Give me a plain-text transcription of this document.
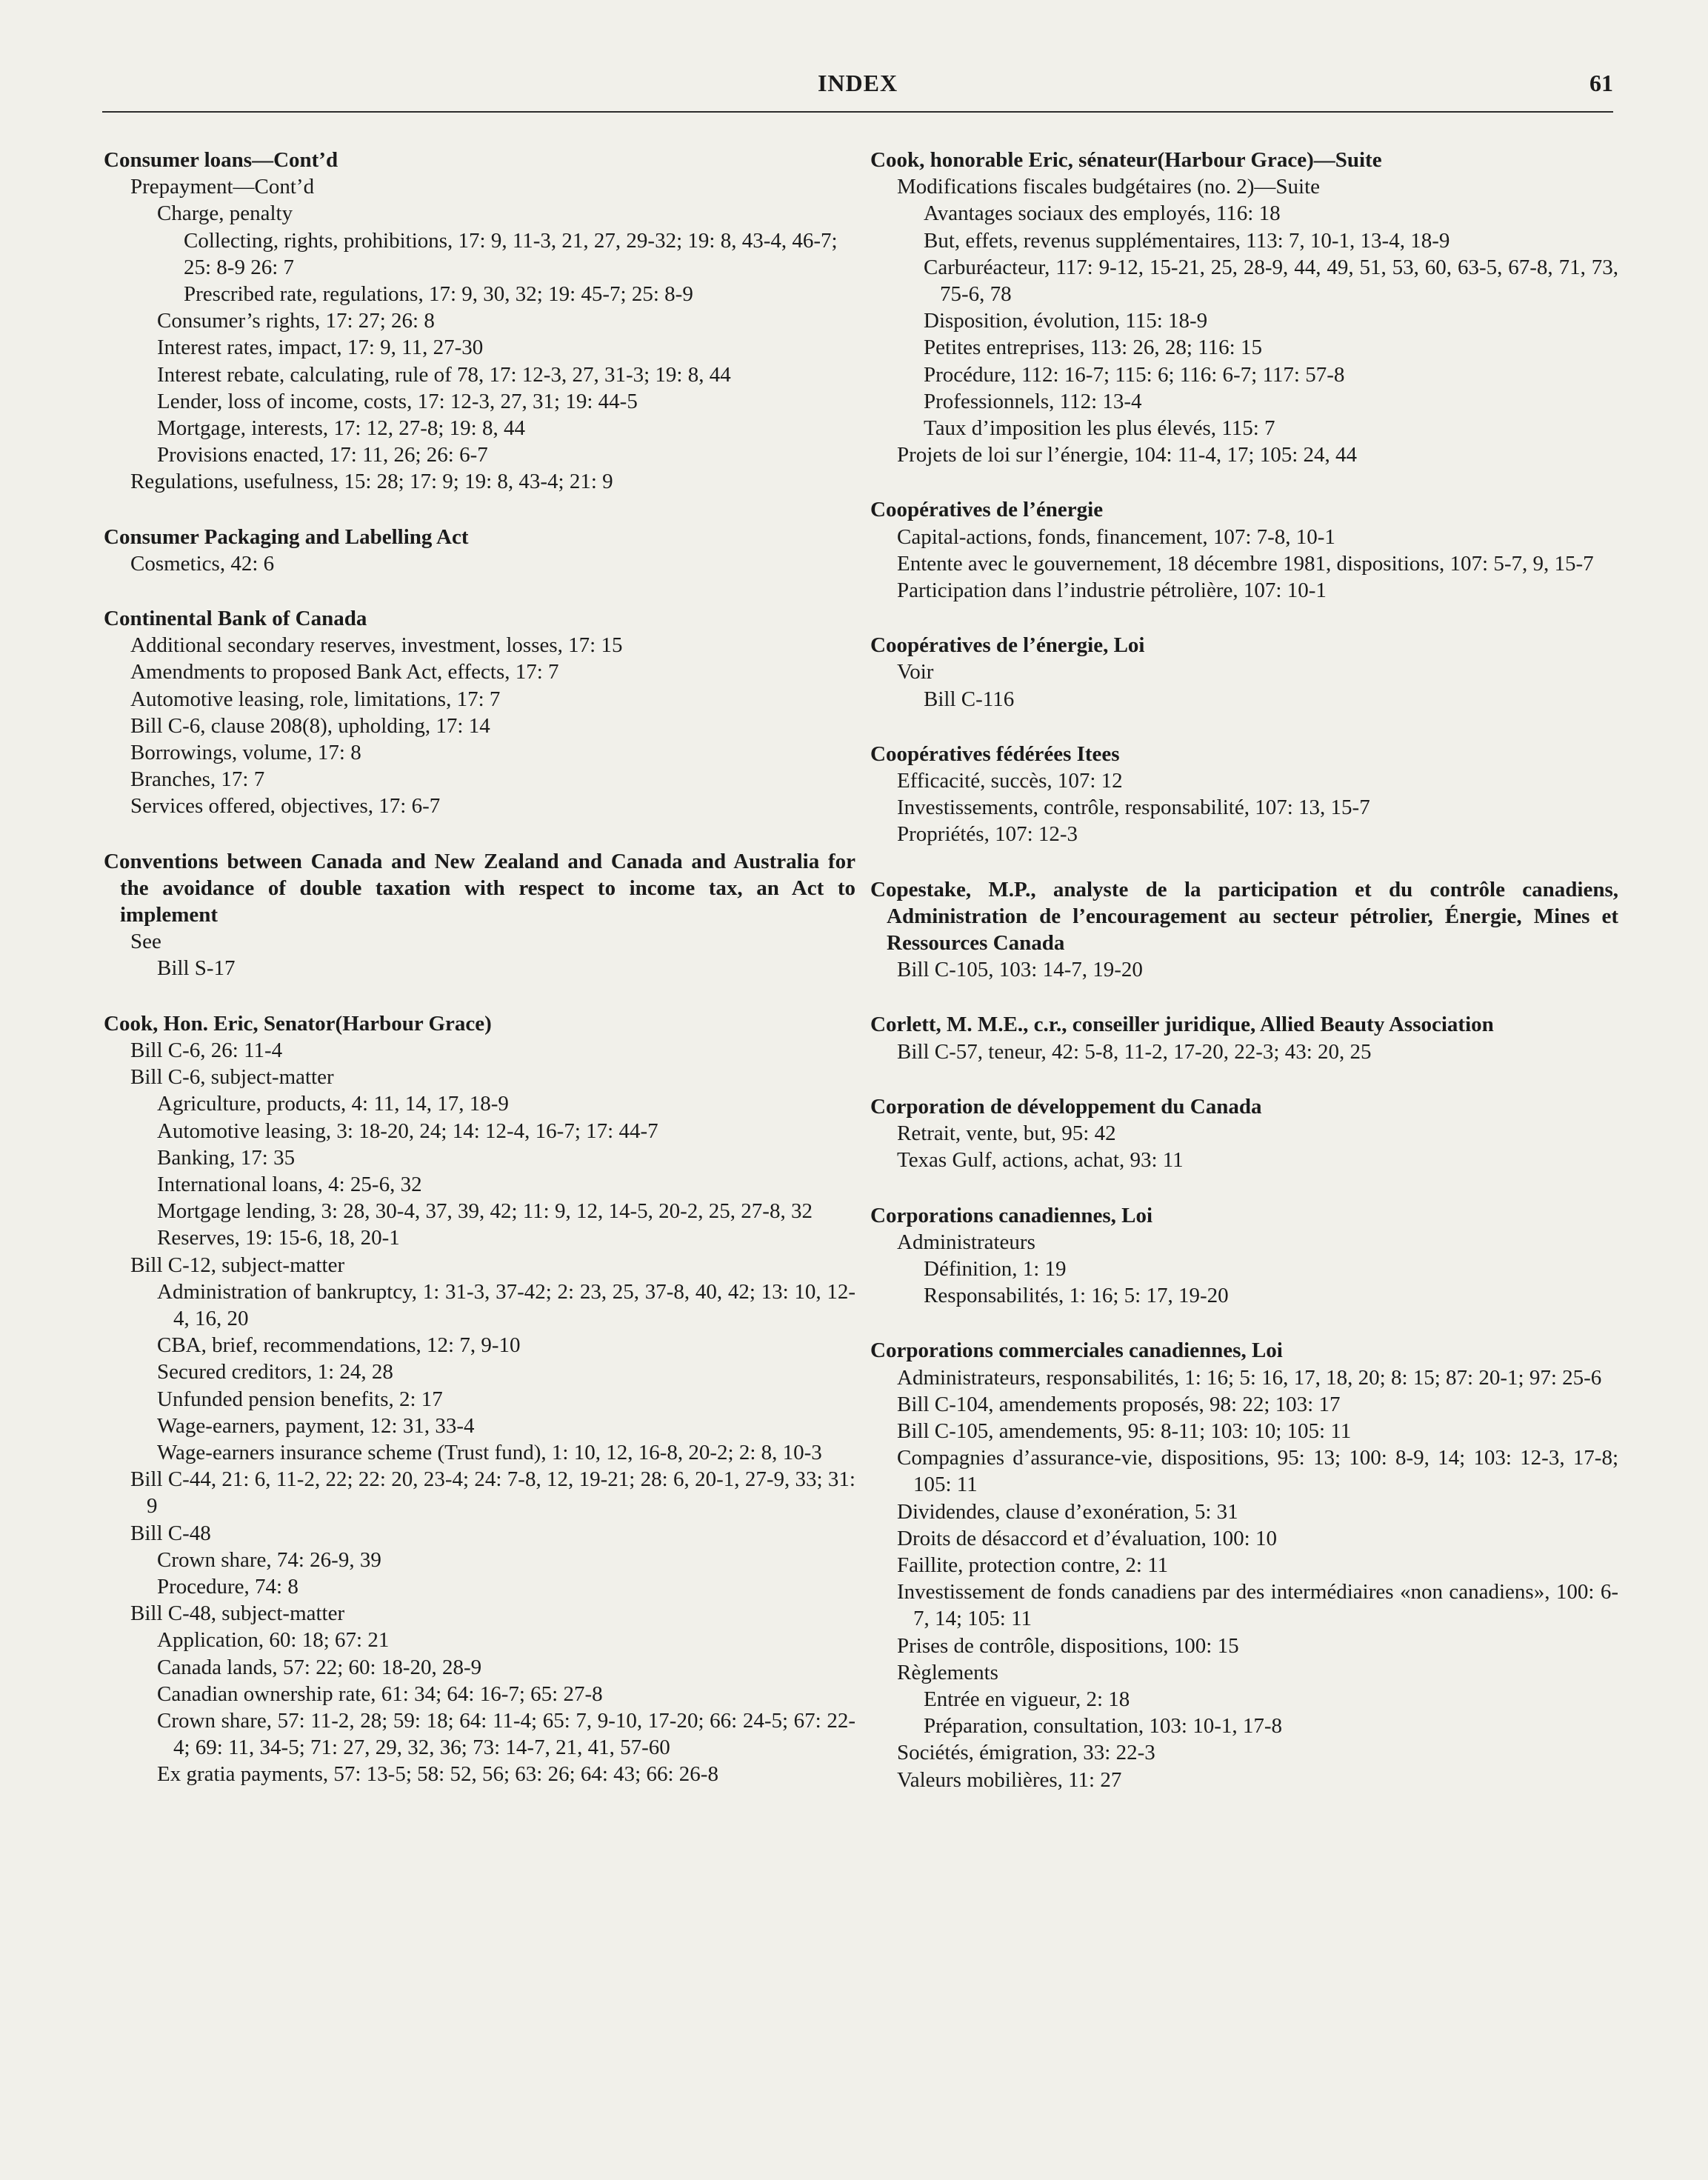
INDEX	61
Consumer loans—Cont’d
Prepayment—Cont’d
Charge, penalty
Collecting, rights, prohibitions, 17: 9, 11-3, 21, 27, 29-32; 19: 8, 43-4, 46-7;
25: 8-9 26: 7
Prescribed rate, regulations, 17: 9, 30, 32; 19: 45-7; 25: 8-9
Consumer’s rights, 17: 27; 26: 8
Interest rates, impact, 17: 9, 11, 27-30
Interest rebate, calculating, rule of 78, 17: 12-3, 27, 31-3; 19: 8, 44
Lender, loss of income, costs, 17: 12-3, 27, 31; 19: 44-5
Mortgage, interests, 17: 12, 27-8; 19: 8, 44
Provisions enacted, 17: 11, 26; 26: 6-7
Regulations, usefulness, 15: 28; 17: 9; 19: 8, 43-4; 21: 9
Consumer Packaging and Labelling Act
Cosmetics, 42: 6
Continental Bank of Canada
Additional secondary reserves, investment, losses, 17: 15
Amendments to proposed Bank Act, effects, 17: 7
Automotive leasing, role, limitations, 17: 7
Bill C-6, clause 208(8), upholding, 17: 14
Borrowings, volume, 17: 8
Branches, 17: 7
Services offered, objectives, 17: 6-7
Conventions between Canada and New Zealand and Canada and Australia for the avoidance of double taxation with respect to income tax, an Act to implement
See
Bill S-17
Cook, Hon. Eric, Senator(Harbour Grace)
Bill C-6, 26: 11-4
Bill C-6, subject-matter
Agriculture, products, 4: 11, 14, 17, 18-9
Automotive leasing, 3: 18-20, 24; 14: 12-4, 16-7; 17: 44-7
Banking, 17: 35
International loans, 4: 25-6, 32
Mortgage lending, 3: 28, 30-4, 37, 39, 42; 11: 9, 12, 14-5, 20-2, 25, 27-8, 32
Reserves, 19: 15-6, 18, 20-1
Bill C-12, subject-matter
Administration of bankruptcy, 1: 31-3, 37-42; 2: 23, 25, 37-8, 40, 42; 13: 10, 12-4, 16, 20
CBA, brief, recommendations, 12: 7, 9-10
Secured creditors, 1: 24, 28
Unfunded pension benefits, 2: 17
Wage-earners, payment, 12: 31, 33-4
Wage-earners insurance scheme (Trust fund), 1: 10, 12, 16-8, 20-2; 2: 8, 10-3
Bill C-44, 21: 6, 11-2, 22; 22: 20, 23-4; 24: 7-8, 12, 19-21; 28: 6, 20-1, 27-9, 33; 31: 9
Bill C-48
Crown share, 74: 26-9, 39
Procedure, 74: 8
Bill C-48, subject-matter
Application, 60: 18; 67: 21
Canada lands, 57: 22; 60: 18-20, 28-9
Canadian ownership rate, 61: 34; 64: 16-7; 65: 27-8
Crown share, 57: 11-2, 28; 59: 18; 64: 11-4; 65: 7, 9-10, 17-20; 66: 24-5; 67: 22-4; 69: 11, 34-5; 71: 27, 29, 32, 36; 73: 14-7, 21, 41, 57-60
Ex gratia payments, 57: 13-5; 58: 52, 56; 63: 26; 64: 43; 66: 26-8
Cook, honorable Eric, sénateur(Harbour Grace)—Suite
Modifications fiscales budgétaires (no. 2)—Suite
Avantages sociaux des employés, 116: 18
But, effets, revenus supplémentaires, 113: 7, 10-1, 13-4, 18-9
Carburéacteur, 117: 9-12, 15-21, 25, 28-9, 44, 49, 51, 53, 60, 63-5, 67-8, 71, 73, 75-6, 78
Disposition, évolution, 115: 18-9
Petites entreprises, 113: 26, 28; 116: 15
Procédure, 112: 16-7; 115: 6; 116: 6-7; 117: 57-8
Professionnels, 112: 13-4
Taux d’imposition les plus élevés, 115: 7
Projets de loi sur l’énergie, 104: 11-4, 17; 105: 24, 44
Coopératives de l’énergie
Capital-actions, fonds, financement, 107: 7-8, 10-1
Entente avec le gouvernement, 18 décembre 1981, dispositions, 107: 5-7, 9, 15-7
Participation dans l’industrie pétrolière, 107: 10-1
Coopératives de l’énergie, Loi
Voir
Bill C-116
Coopératives fédérées Itees
Efficacité, succès, 107: 12
Investissements, contrôle, responsabilité, 107: 13, 15-7
Propriétés, 107: 12-3
Copestake, M.P., analyste de la participation et du contrôle canadiens, Administration de l’encouragement au secteur pétrolier, Énergie, Mines et Ressources Canada
Bill C-105, 103: 14-7, 19-20
Corlett, M. M.E., c.r., conseiller juridique, Allied Beauty Association
Bill C-57, teneur, 42: 5-8, 11-2, 17-20, 22-3; 43: 20, 25
Corporation de développement du Canada
Retrait, vente, but, 95: 42
Texas Gulf, actions, achat, 93: 11
Corporations canadiennes, Loi
Administrateurs
Définition, 1: 19
Responsabilités, 1: 16; 5: 17, 19-20
Corporations commerciales canadiennes, Loi
Administrateurs, responsabilités, 1: 16; 5: 16, 17, 18, 20; 8: 15; 87: 20-1; 97: 25-6
Bill C-104, amendements proposés, 98: 22; 103: 17
Bill C-105, amendements, 95: 8-11; 103: 10; 105: 11
Compagnies d’assurance-vie, dispositions, 95: 13; 100: 8-9, 14; 103: 12-3, 17-8; 105: 11
Dividendes, clause d’exonération, 5: 31
Droits de désaccord et d’évaluation, 100: 10
Faillite, protection contre, 2: 11
Investissement de fonds canadiens par des intermédiaires «non canadiens», 100: 6-7, 14; 105: 11
Prises de contrôle, dispositions, 100: 15
Règlements
Entrée en vigueur, 2: 18
Préparation, consultation, 103: 10-1, 17-8
Sociétés, émigration, 33: 22-3
Valeurs mobilières, 11: 27
